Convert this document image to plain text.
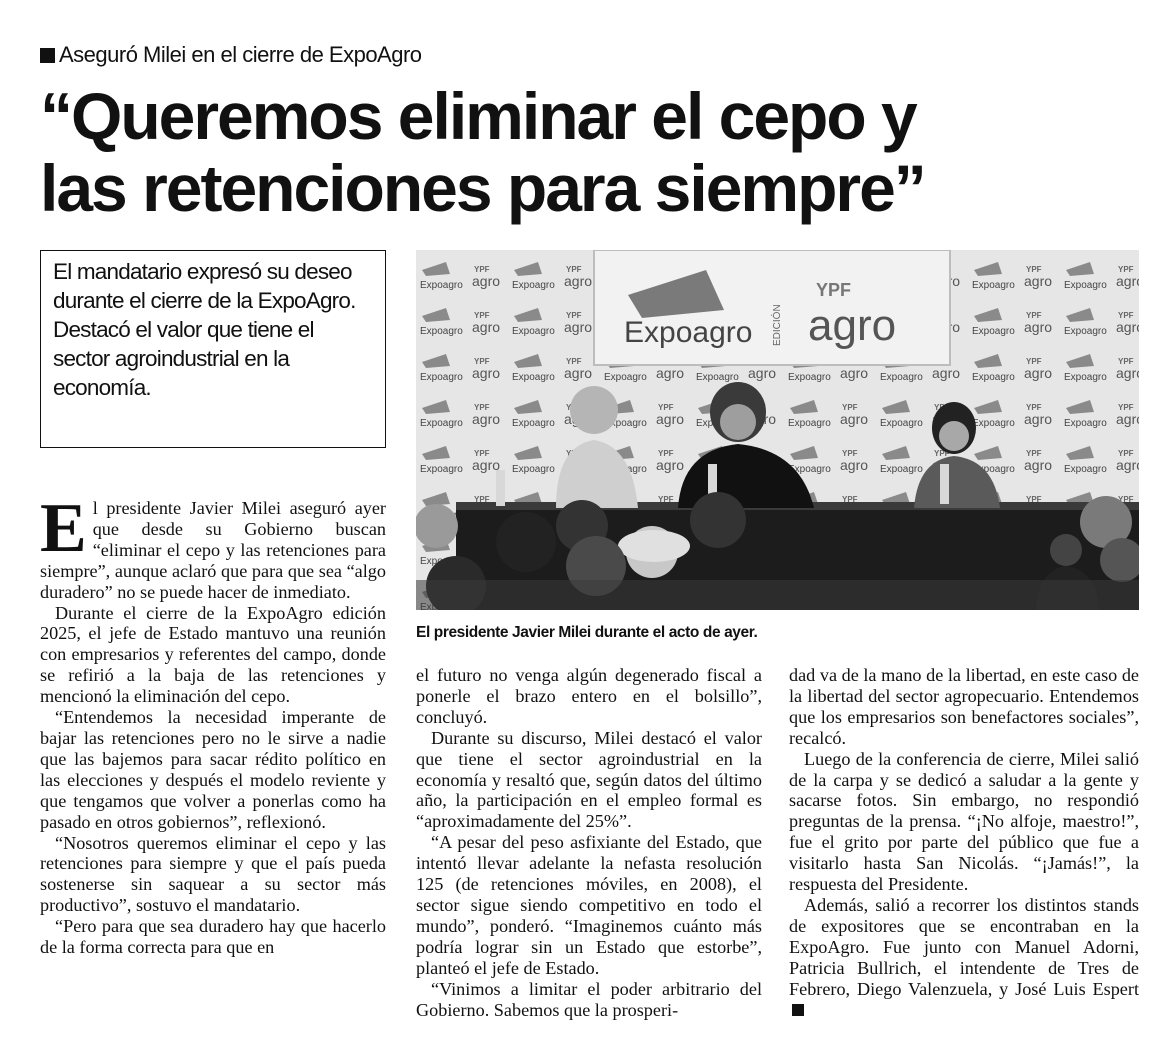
Aseguró Milei en el cierre de ExpoAgro
“Queremos eliminar el cepo y
las retenciones para siempre”
El mandatario expresó su deseo durante el cierre de la ExpoAgro. Destacó el valor que tiene el sector agroindustrial en la economía.
Expoagro EDICIÓN
YPF
agro
El presidente Javier Milei durante el acto de ayer.

El presidente Javier Milei aseguró ayer que desde su Gobierno buscan “eliminar el cepo y las retenciones para siempre”, aunque aclaró que para que sea “algo duradero” no se puede hacer de inmediato.

Durante el cierre de la ExpoAgro edición 2025, el jefe de Estado mantuvo una reunión con empresarios y referentes del campo, donde se refirió a la baja de las retenciones y mencionó la eliminación del cepo.

“Entendemos la necesidad imperante de bajar las retenciones pero no le sirve a nadie que las bajemos para sacar rédito político en las elecciones y después el modelo reviente y que tengamos que volver a ponerlas como ha pasado en otros gobiernos”, reflexionó.

“Nosotros queremos eliminar el cepo y las retenciones para siempre y que el país pueda sostenerse sin saquear a su sector más productivo”, sostuvo el mandatario.

“Pero para que sea duradero hay que hacerlo de la forma correcta para que en

el futuro no venga algún degenerado fiscal a ponerle el brazo entero en el bolsillo”, concluyó.

Durante su discurso, Milei destacó el valor que tiene el sector agroindustrial en la economía y resaltó que, según datos del último año, la participación en el empleo formal es “aproximadamente del 25%”.

“A pesar del peso asfixiante del Estado, que intentó llevar adelante la nefasta resolución 125 (de retenciones móviles, en 2008), el sector sigue siendo competitivo en todo el mundo”, ponderó. “Imaginemos cuánto más podría lograr sin un Estado que estorbe”, planteó el jefe de Estado.

“Vinimos a limitar el poder arbitrario del Gobierno. Sabemos que la prosperi-

dad va de la mano de la libertad, en este caso de la libertad del sector agropecuario. Entendemos que los empresarios son benefactores sociales”, recalcó.

Luego de la conferencia de cierre, Milei salió de la carpa y se dedicó a saludar a la gente y sacarse fotos. Sin embargo, no respondió preguntas de la prensa. “¡No alfoje, maestro!”, fue el grito por parte del público que fue a visitarlo hasta San Nicolás. “¡Jamás!”, la respuesta del Presidente.

Además, salió a recorrer los distintos stands de expositores que se encontraban en la ExpoAgro. Fue junto con Manuel Adorni, Patricia Bullrich, el intendente de Tres de Febrero, Diego Valenzuela, y José Luis Espert
